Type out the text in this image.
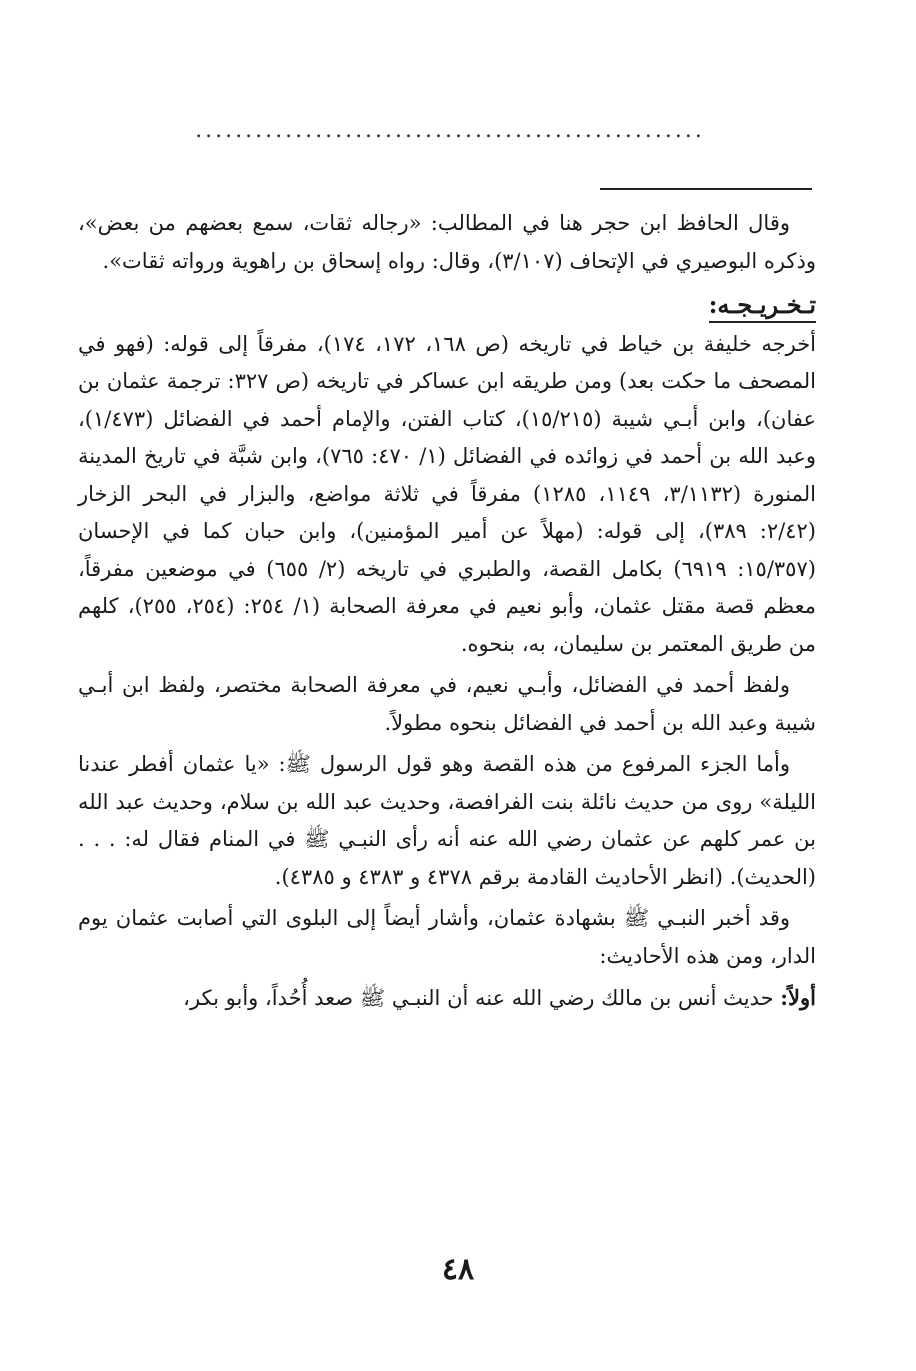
...................................................

وقال الحافظ ابن حجر هنا في المطالب: «رجاله ثقات، سمع بعضهم من بعض»، وذكره البوصيري في الإتحاف (٣/١٠٧)، وقال: رواه إسحاق بن راهوية ورواته ثقات».

تـخـريـجـه:

أخرجه خليفة بن خياط في تاريخه (ص ١٦٨، ١٧٢، ١٧٤)، مفرقاً إلى قوله: (فهو في المصحف ما حكت بعد) ومن طريقه ابن عساكر في تاريخه (ص ٣٢٧: ترجمة عثمان بن عفان)، وابن أبـي شيبة (١٥/٢١٥)، كتاب الفتن، والإمام أحمد في الفضائل (١/٤٧٣)، وعبد الله بن أحمد في زوائده في الفضائل (١/ ٤٧٠: ٧٦٥)، وابن شبَّة في تاريخ المدينة المنورة (٣/١١٣٢، ١١٤٩، ١٢٨٥) مفرقاً في ثلاثة مواضع، والبزار في البحر الزخار (٢/٤٢: ٣٨٩)، إلى قوله: (مهلاً عن أمير المؤمنين)، وابن حبان كما في الإحسان (١٥/٣٥٧: ٦٩١٩) بكامل القصة، والطبري في تاريخه (٢/ ٦٥٥) في موضعين مفرقاً، معظم قصة مقتل عثمان، وأبو نعيم في معرفة الصحابة (١/ ٢٥٤: (٢٥٤، ٢٥٥)، كلهم من طريق المعتمر بن سليمان، به، بنحوه.

ولفظ أحمد في الفضائل، وأبـي نعيم، في معرفة الصحابة مختصر، ولفظ ابن أبـي شيبة وعبد الله بن أحمد في الفضائل بنحوه مطولاً.

وأما الجزء المرفوع من هذه القصة وهو قول الرسول ﷺ: «يا عثمان أفطر عندنا الليلة» روى من حديث نائلة بنت الفرافصة، وحديث عبد الله بن سلام، وحديث عبد الله بن عمر كلهم عن عثمان رضي الله عنه أنه رأى النبـي ﷺ في المنام فقال له: . . . (الحديث). (انظر الأحاديث القادمة برقم ٤٣٧٨ و ٤٣٨٣ و ٤٣٨٥).

وقد أخبر النبـي ﷺ بشهادة عثمان، وأشار أيضاً إلى البلوى التي أصابت عثمان يوم الدار، ومن هذه الأحاديث:

أولاً: حديث أنس بن مالك رضي الله عنه أن النبـي ﷺ صعد أُحُداً، وأبو بكر،

٤٨
